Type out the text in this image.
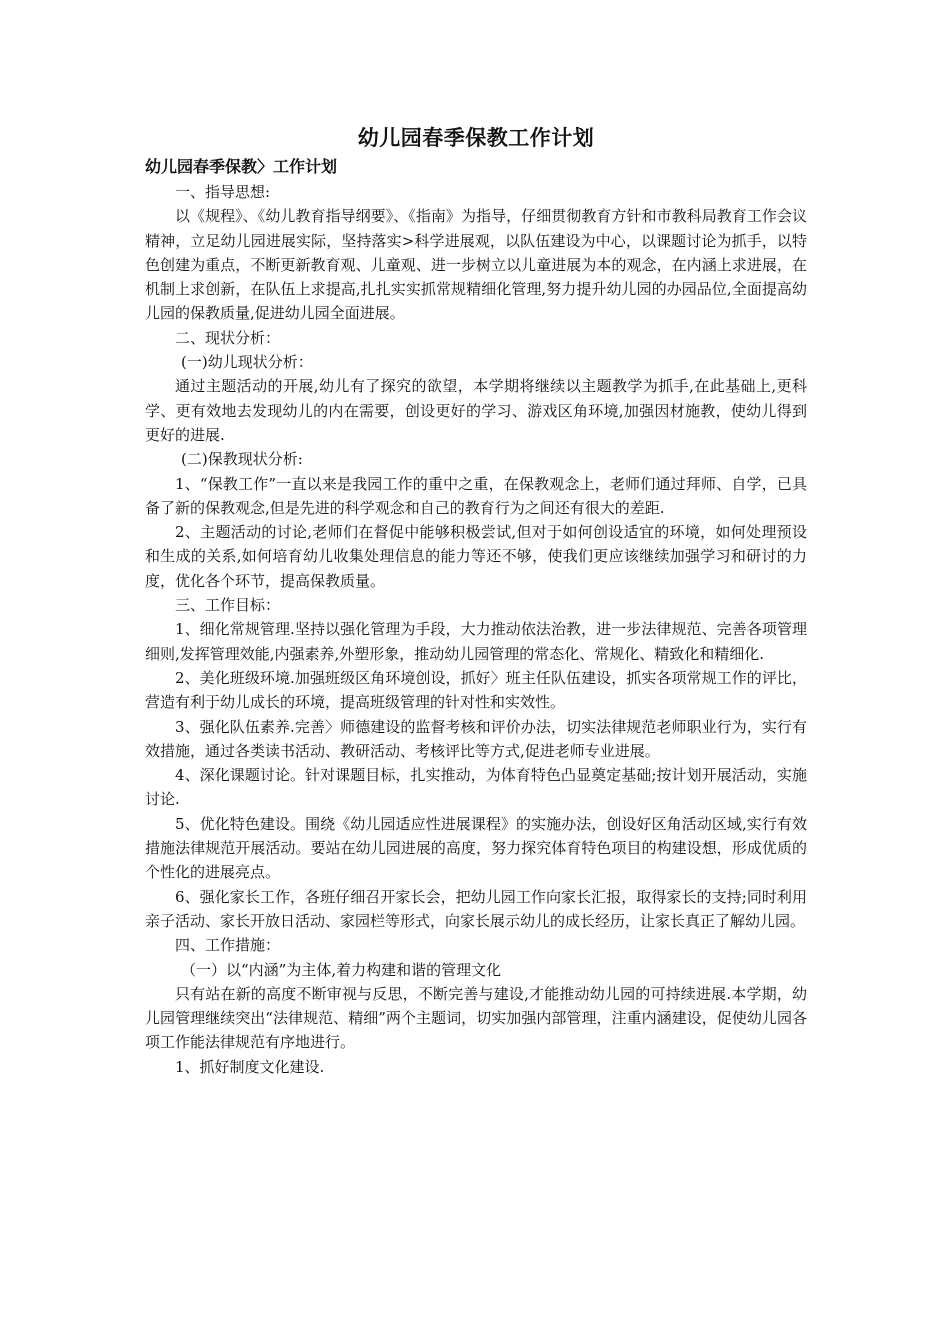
幼儿园春季保教工作计划
幼儿园春季保教〉工作计划

一、指导思想:

以《规程》、《幼儿教育指导纲要》、《指南》为指导，仔细贯彻教育方针和市教科局教育工作会议精神，立足幼儿园进展实际，坚持落实>科学进展观，以队伍建设为中心，以课题讨论为抓手，以特色创建为重点，不断更新教育观、儿童观、进一步树立以儿童进展为本的观念，在内涵上求进展，在机制上求创新，在队伍上求提高,扎扎实实抓常规精细化管理,努力提升幼儿园的办园品位,全面提高幼儿园的保教质量,促进幼儿园全面进展。

二、现状分析：

(一)幼儿现状分析：

通过主题活动的开展,幼儿有了探究的欲望，本学期将继续以主题教学为抓手,在此基础上,更科学、更有效地去发现幼儿的内在需要，创设更好的学习、游戏区角环境,加强因材施教，使幼儿得到更好的进展.

(二)保教现状分析:

1、“保教工作”一直以来是我园工作的重中之重，在保教观念上，老师们通过拜师、自学，已具备了新的保教观念,但是先进的科学观念和自己的教育行为之间还有很大的差距.

2、主题活动的讨论,老师们在督促中能够积极尝试,但对于如何创设适宜的环境，如何处理预设和生成的关系,如何培育幼儿收集处理信息的能力等还不够，使我们更应该继续加强学习和研讨的力度，优化各个环节，提高保教质量。

三、工作目标：

1、细化常规管理.坚持以强化管理为手段，大力推动依法治教，进一步法律规范、完善各项管理细则,发挥管理效能,内强素养,外塑形象，推动幼儿园管理的常态化、常规化、精致化和精细化.

2、美化班级环境.加强班级区角环境创设，抓好〉班主任队伍建设，抓实各项常规工作的评比，营造有利于幼儿成长的环境，提高班级管理的针对性和实效性。

3、强化队伍素养.完善〉师德建设的监督考核和评价办法，切实法律规范老师职业行为，实行有效措施，通过各类读书活动、教研活动、考核评比等方式,促进老师专业进展。

4、深化课题讨论。针对课题目标，扎实推动，为体育特色凸显奠定基础;按计划开展活动，实施讨论.

5、优化特色建设。围绕《幼儿园适应性进展课程》的实施办法，创设好区角活动区域,实行有效措施法律规范开展活动。要站在幼儿园进展的高度，努力探究体育特色项目的构建设想，形成优质的个性化的进展亮点。

6、强化家长工作，各班仔细召开家长会，把幼儿园工作向家长汇报，取得家长的支持;同时利用亲子活动、家长开放日活动、家园栏等形式，向家长展示幼儿的成长经历，让家长真正了解幼儿园。

四、工作措施：

（一）以“内涵”为主体,着力构建和谐的管理文化

只有站在新的高度不断审视与反思，不断完善与建设,才能推动幼儿园的可持续进展.本学期，幼儿园管理继续突出“法律规范、精细”两个主题词，切实加强内部管理，注重内涵建设，促使幼儿园各项工作能法律规范有序地进行。

1、抓好制度文化建设.
